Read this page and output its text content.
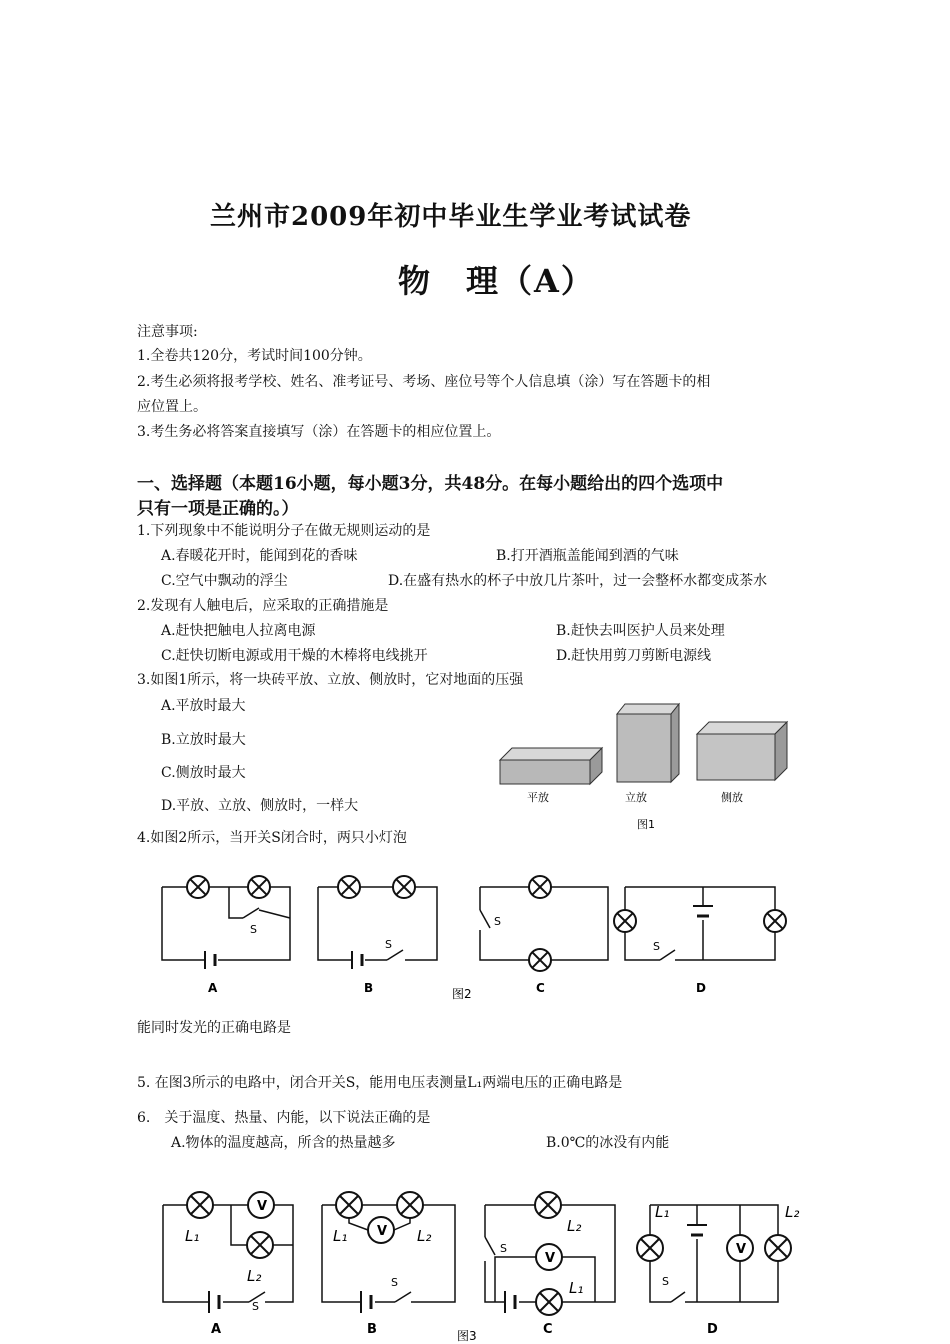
兰州市2009年初中毕业生学业考试试卷
物　理（A）
注意事项:
1.全卷共120分，考试时间100分钟。
2.考生必须将报考学校、姓名、准考证号、考场、座位号等个人信息填（涂）写在答题卡的相
应位置上。
3.考生务必将答案直接填写（涂）在答题卡的相应位置上。
一、选择题（本题16小题，每小题3分，共48分。在每小题给出的四个选项中
只有一项是正确的。）
1.下列现象中不能说明分子在做无规则运动的是
A.春暖花开时，能闻到花的香味	B.打开酒瓶盖能闻到酒的气味
C.空气中飘动的浮尘	D.在盛有热水的杯子中放几片茶叶，过一会整杯水都变成茶水
2.发现有人触电后，应采取的正确措施是
A.赶快把触电人拉离电源	B.赶快去叫医护人员来处理
C.赶快切断电源或用干燥的木棒将电线挑开	D.赶快用剪刀剪断电源线
3.如图1所示，将一块砖平放、立放、侧放时，它对地面的压强
A.平放时最大
B.立放时最大
C.侧放时最大
D.平放、立放、侧放时，一样大
平放	立放	侧放
图1
4.如图2所示，当开关S闭合时，两只小灯泡
S
S
S
S
A	B	C	D
图2
能同时发光的正确电路是
5. 在图3所示的电路中，闭合开关S，能用电压表测量L₁两端电压的正确电路是
6.　关于温度、热量、内能，以下说法正确的是
A.物体的温度越高，所含的热量越多	B.0℃的冰没有内能
V
V
V
V
L₁
L₂
L₁	L₂
L₂
L₁
L₁	L₂
S
S
S
S
A	B	C	D
图3
